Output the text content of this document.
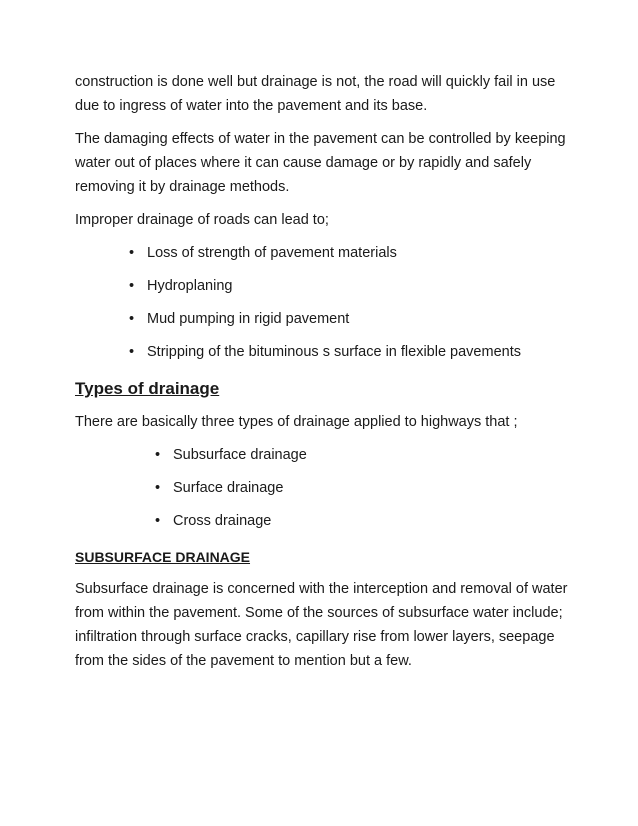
construction is done well but drainage is not, the road will quickly fail in use due to ingress of water into the pavement and its base.

The damaging effects of water in the pavement can be controlled by keeping water out of places where it can cause damage or by rapidly and safely removing it by drainage methods.

Improper drainage of roads can lead to;

• Loss of strength of pavement materials
• Hydroplaning
• Mud pumping in rigid pavement
• Stripping of the bituminous s surface in flexible pavements
Types of drainage

There are basically three types of drainage applied to highways that ;

• Subsurface drainage
• Surface drainage
• Cross drainage
SUBSURFACE DRAINAGE

Subsurface drainage is concerned with the interception and removal of water from within the pavement. Some of the sources of subsurface water include; infiltration through surface cracks, capillary rise from lower layers, seepage from the sides of the pavement to mention but a few.
